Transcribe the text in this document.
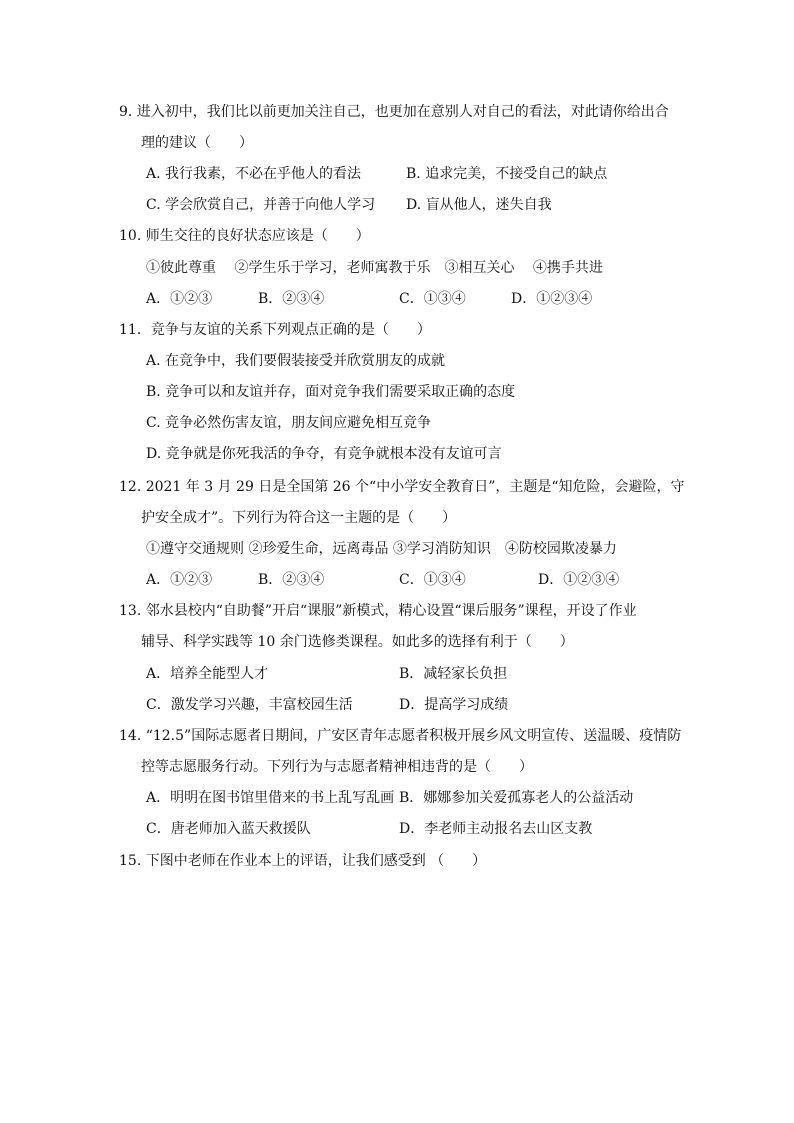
9. 进入初中，我们比以前更加关注自己，也更加在意别人对自己的看法，对此请你给出合
理的建议（　　）
A. 我行我素，不必在乎他人的看法	B. 追求完美，不接受自己的缺点
C. 学会欣赏自己，并善于向他人学习 D. 盲从他人，迷失自我
10. 师生交往的良好状态应该是（　　）
①彼此尊重　 ②学生乐于学习，老师寓教于乐　③相互关心　 ④携手共进
A．①②③	B．②③④	C．①③④	D．①②③④
11．竞争与友谊的关系下列观点正确的是（　　）
A. 在竞争中，我们要假装接受并欣赏朋友的成就
B. 竞争可以和友谊并存，面对竞争我们需要采取正确的态度
C. 竞争必然伤害友谊，朋友间应避免相互竞争
D. 竞争就是你死我活的争夺，有竞争就根本没有友谊可言
12. 2021 年 3 月 29 日是全国第 26 个“中小学安全教育日”，主题是“知危险，会避险，守
护安全成才”。下列行为符合这一主题的是（　　）
①遵守交通规则 ②珍爱生命，远离毒品 ③学习消防知识　④防校园欺凌暴力
A．①②③	B．②③④	C．①③④	D．①②③④
13. 邻水县校内“自助餐”开启“课服”新模式，精心设置“课后服务”课程，开设了作业
辅导、科学实践等 10 余门选修类课程。如此多的选择有利于（　　）
A．培养全能型人才	B．减轻家长负担
C．激发学习兴趣，丰富校园生活	D．提高学习成绩
14. “12.5”国际志愿者日期间，广安区青年志愿者积极开展乡风文明宣传、送温暖、疫情防
控等志愿服务行动。下列行为与志愿者精神相违背的是（　　）
A．明明在图书馆里借来的书上乱写乱画 B．娜娜参加关爱孤寡老人的公益活动
C．唐老师加入蓝天救援队	D．李老师主动报名去山区支教
15. 下图中老师在作业本上的评语，让我们感受到 （　　）
